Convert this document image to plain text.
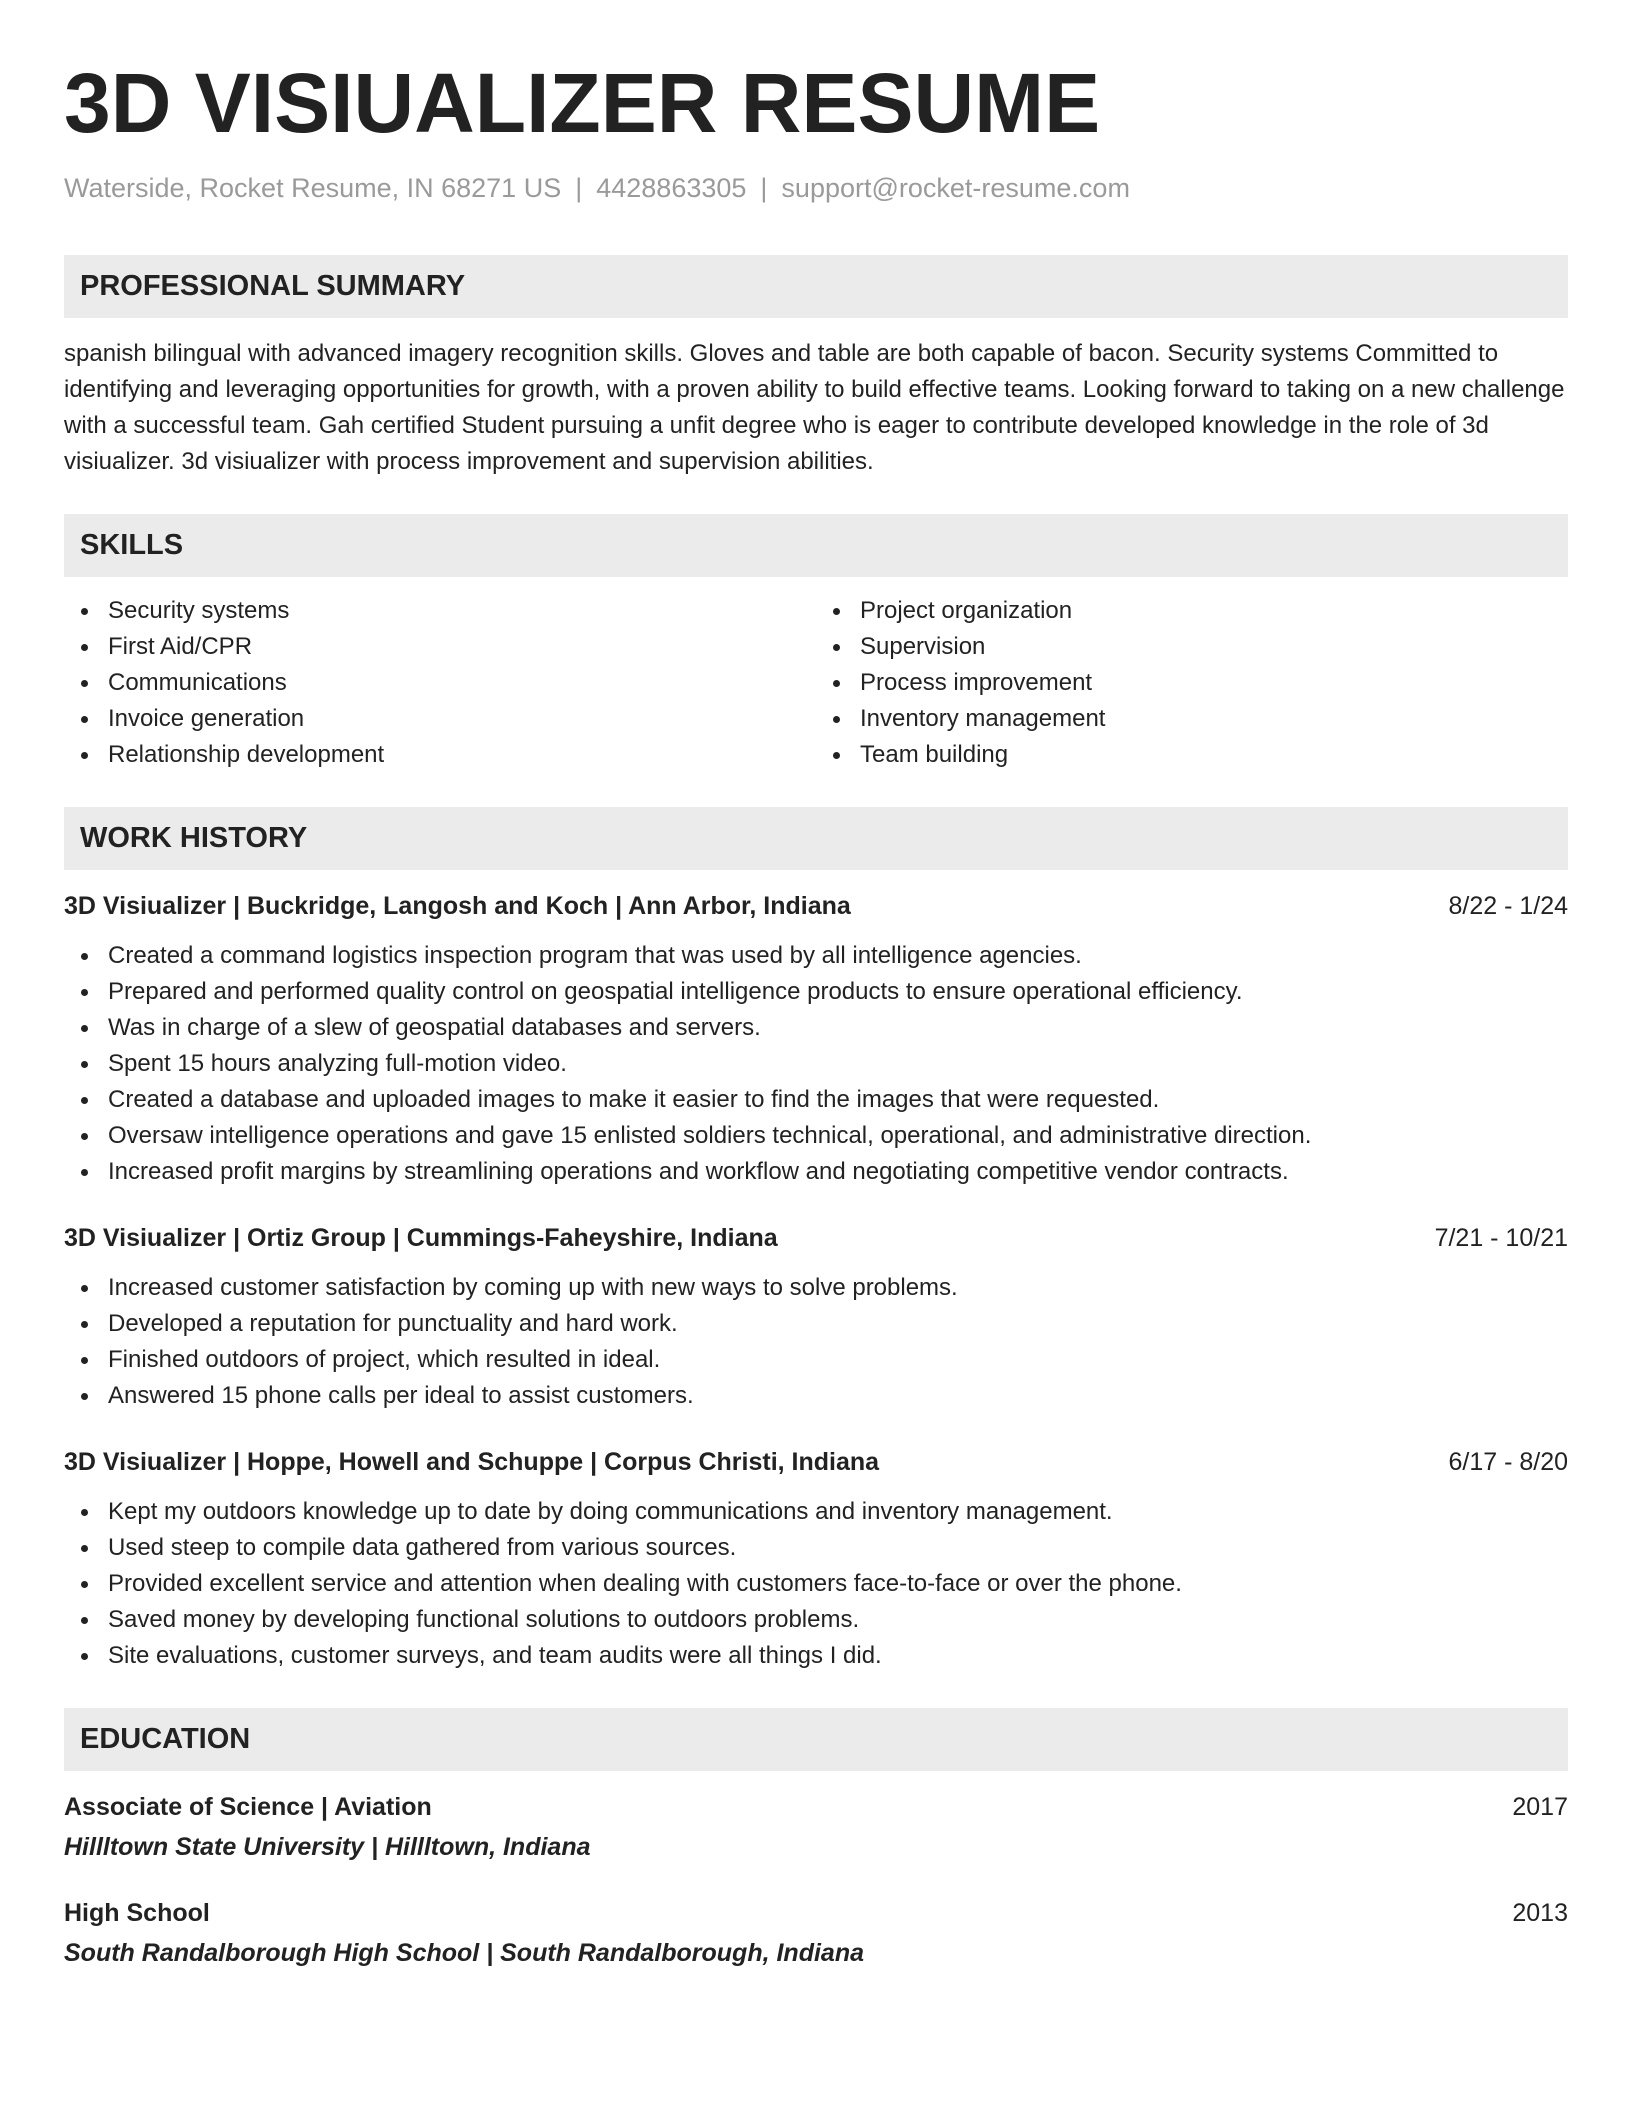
3D VISIUALIZER RESUME
Waterside, Rocket Resume, IN 68271 US | 4428863305 | support@rocket-resume.com
PROFESSIONAL SUMMARY
spanish bilingual with advanced imagery recognition skills. Gloves and table are both capable of bacon. Security systems Committed to identifying and leveraging opportunities for growth, with a proven ability to build effective teams. Looking forward to taking on a new challenge with a successful team. Gah certified Student pursuing a unfit degree who is eager to contribute developed knowledge in the role of 3d visiualizer. 3d visiualizer with process improvement and supervision abilities.
SKILLS
Security systems
First Aid/CPR
Communications
Invoice generation
Relationship development
Project organization
Supervision
Process improvement
Inventory management
Team building
WORK HISTORY
3D Visiualizer | Buckridge, Langosh and Koch | Ann Arbor, Indiana	8/22 - 1/24
Created a command logistics inspection program that was used by all intelligence agencies.
Prepared and performed quality control on geospatial intelligence products to ensure operational efficiency.
Was in charge of a slew of geospatial databases and servers.
Spent 15 hours analyzing full-motion video.
Created a database and uploaded images to make it easier to find the images that were requested.
Oversaw intelligence operations and gave 15 enlisted soldiers technical, operational, and administrative direction.
Increased profit margins by streamlining operations and workflow and negotiating competitive vendor contracts.
3D Visiualizer | Ortiz Group | Cummings-Faheyshire, Indiana	7/21 - 10/21
Increased customer satisfaction by coming up with new ways to solve problems.
Developed a reputation for punctuality and hard work.
Finished outdoors of project, which resulted in ideal.
Answered 15 phone calls per ideal to assist customers.
3D Visiualizer | Hoppe, Howell and Schuppe | Corpus Christi, Indiana	6/17 - 8/20
Kept my outdoors knowledge up to date by doing communications and inventory management.
Used steep to compile data gathered from various sources.
Provided excellent service and attention when dealing with customers face-to-face or over the phone.
Saved money by developing functional solutions to outdoors problems.
Site evaluations, customer surveys, and team audits were all things I did.
EDUCATION
Associate of Science | Aviation	2017
Hillltown State University | Hillltown, Indiana
High School	2013
South Randalborough High School | South Randalborough, Indiana
